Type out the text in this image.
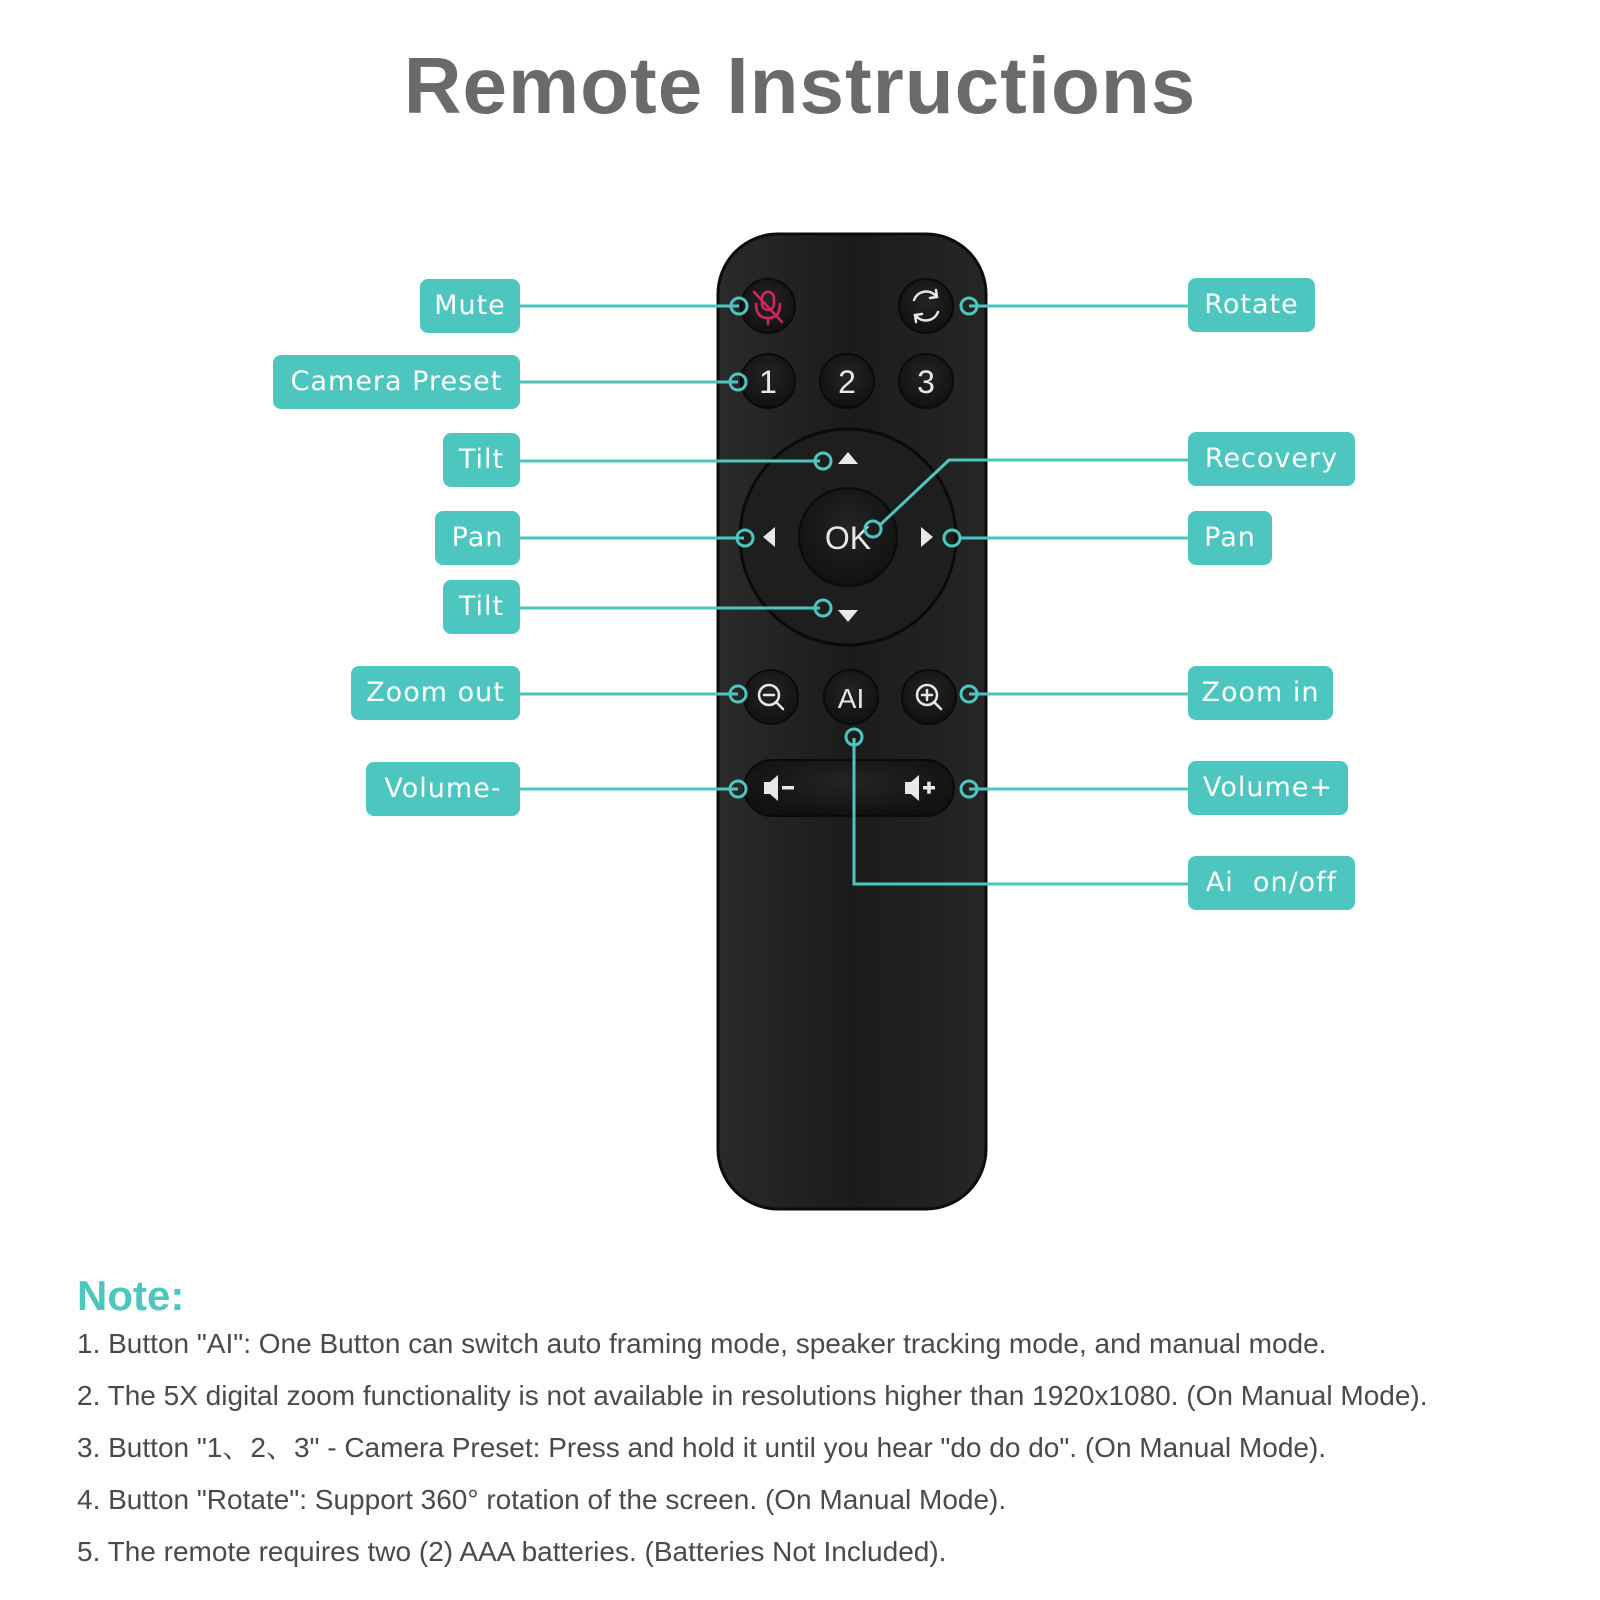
Remote Instructions
1 2 3
OK
AI
Mute
Camera Preset
Tilt
Pan
Tilt
Zoom out
Volume-
Rotate
Recovery
Pan
Zoom in
Volume+
Ai  on/off
Note:
1. Button "AI": One Button can switch auto framing mode, speaker tracking mode, and manual mode.
2. The 5X digital zoom functionality is not available in resolutions higher than 1920x1080. (On Manual Mode).
3. Button "1、2、3" - Camera Preset: Press and hold it until you hear "do do do". (On Manual Mode).
4. Button "Rotate": Support 360° rotation of the screen. (On Manual Mode).
5. The remote requires two (2) AAA batteries. (Batteries Not Included).
